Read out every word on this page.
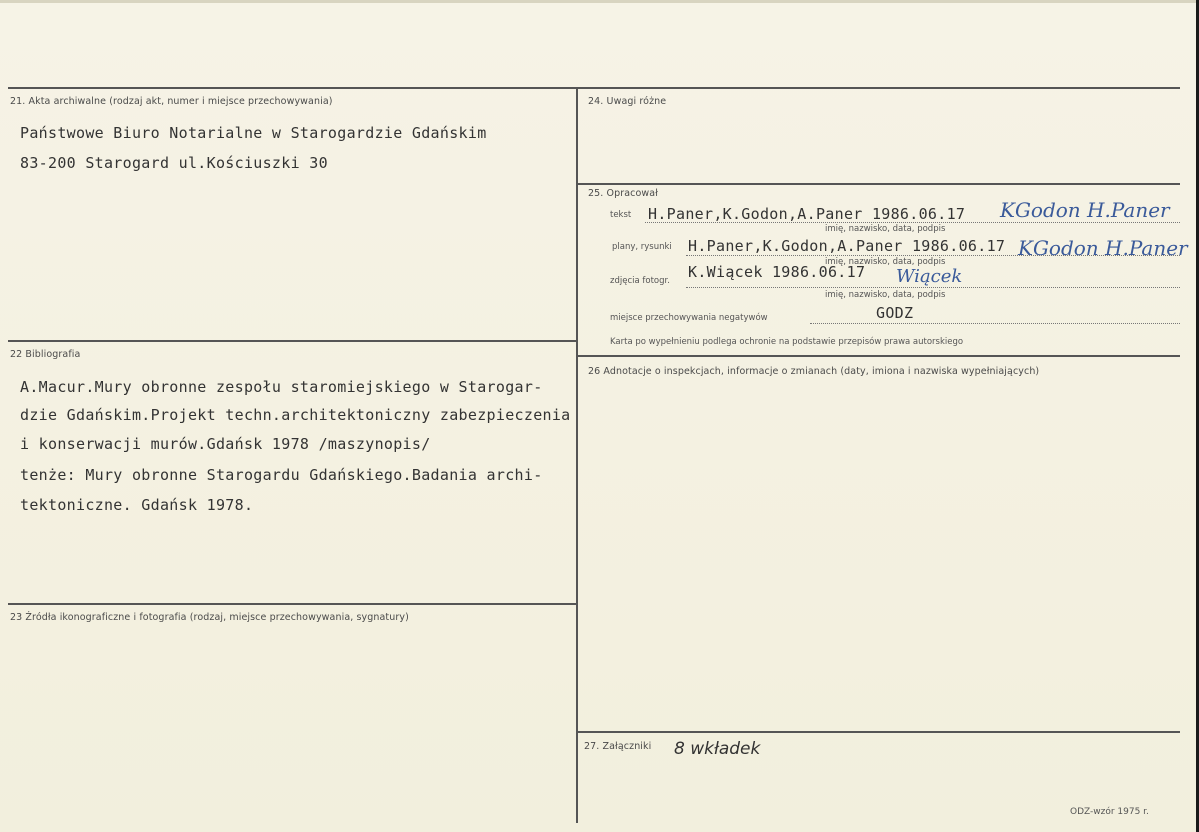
21. Akta archiwalne (rodzaj akt, numer i miejsce przechowywania)
Państwowe Biuro Notarialne w Starogardzie Gdańskim
83-200 Starogard ul.Kościuszki 30
22 Bibliografia
A.Macur.Mury obronne zespołu staromiejskiego w Starogar-
dzie Gdańskim.Projekt techn.architektoniczny zabezpieczenia
i konserwacji murów.Gdańsk 1978 /maszynopis/
tenże: Mury obronne Starogardu Gdańskiego.Badania archi-
tektoniczne. Gdańsk 1978.
23 Źródła ikonograficzne i fotografia (rodzaj, miejsce przechowywania, sygnatury)
24. Uwagi różne
25. Opracował
tekst H.Paner,K.Godon,A.Paner 1986.06.17 KGodon H.Paner
imię, nazwisko, data, podpis
plany, rysunki H.Paner,K.Godon,A.Paner 1986.06.17 KGodon H.Paner
imię, nazwisko, data, podpis
zdjęcia fotogr. K.Wiącek 1986.06.17 Wiącek
imię, nazwisko, data, podpis
miejsce przechowywania negatywów	GODZ
Karta po wypełnieniu podlega ochronie na podstawie przepisów prawa autorskiego
26 Adnotacje o inspekcjach, informacje o zmianach (daty, imiona i nazwiska wypełniających)
27. Załączniki 8 wkładek
ODZ-wzór 1975 r.
